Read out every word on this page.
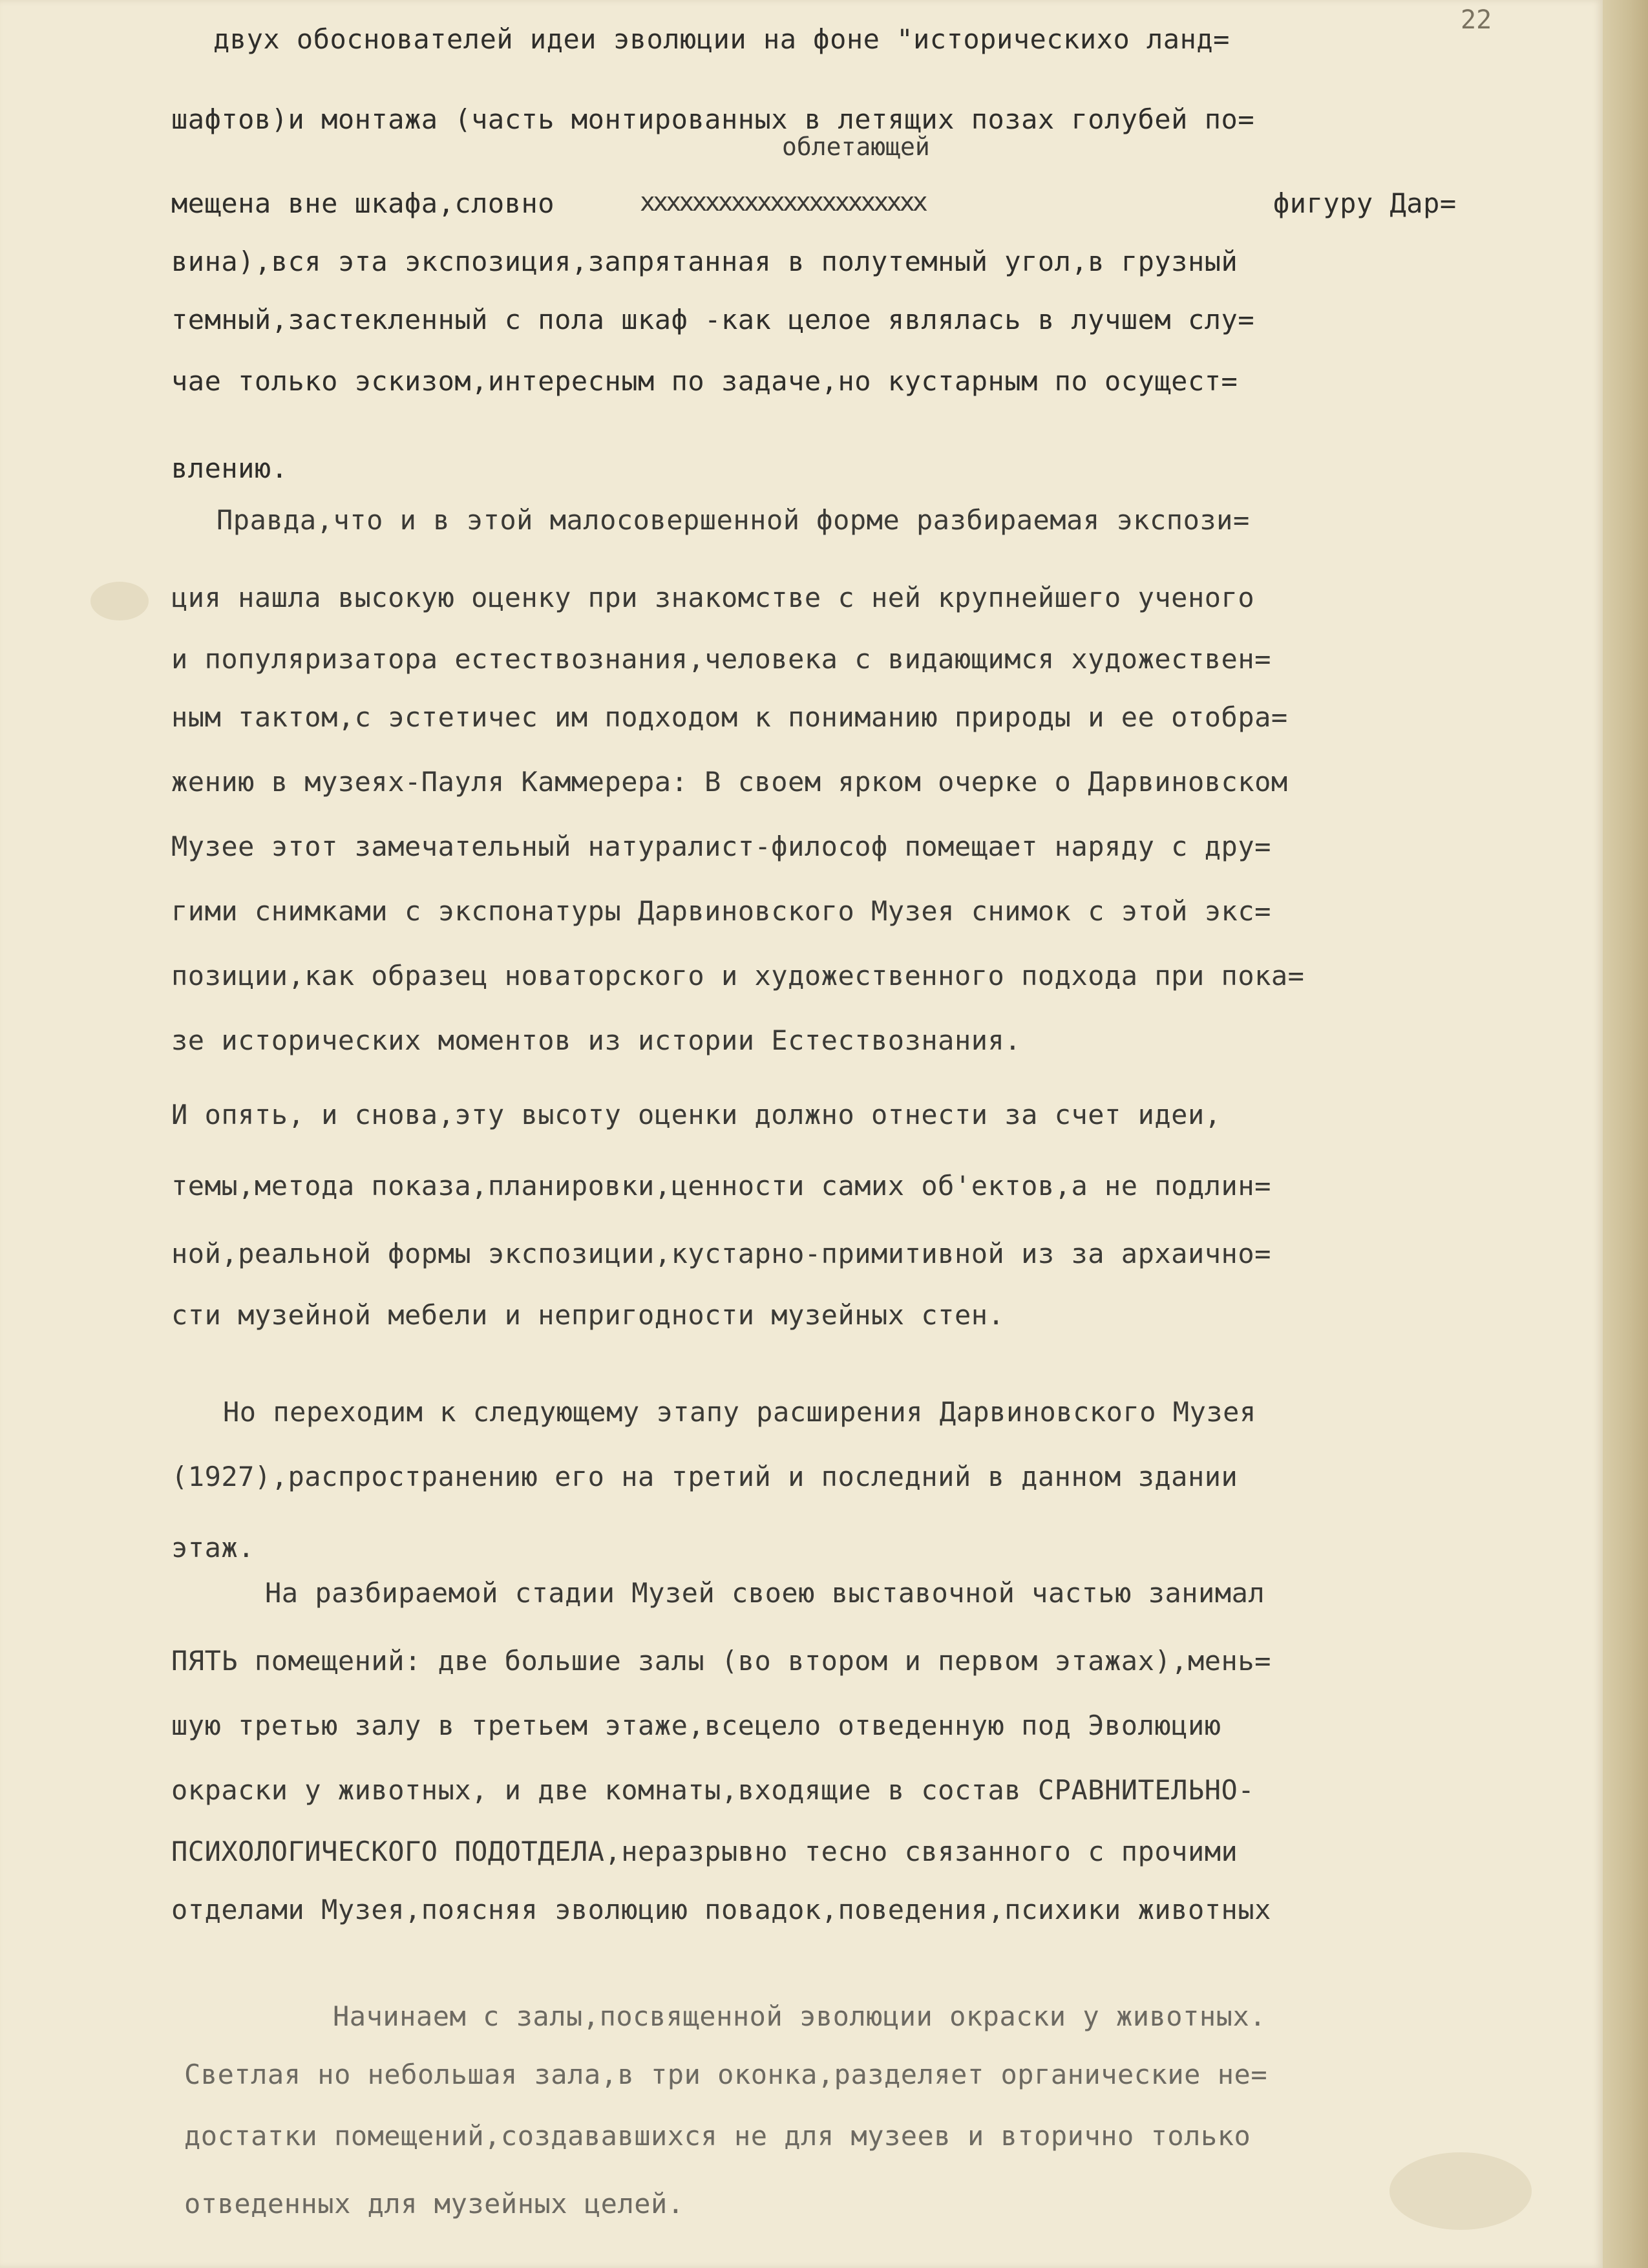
22
двух обоснователей идеи эволюции на фоне "историческихо ланд=
шафтов)и монтажа (часть монтированных в летящих позах голубей по=
облетающей
мещена вне шкафа,словно	хххххххххххххххххххххх	фигуру Дар=
вина),вся эта экспозиция,запрятанная в полутемный угол,в грузный
темный,застекленный с пола шкаф -как целое являлась в лучшем слу=
чае только эскизом,интересным по задаче,но кустарным по осущест=
влению.
Правда,что и в этой малосовершенной форме разбираемая экспози=
ция нашла высокую оценку при знакомстве с ней крупнейшего ученого
и популяризатора естествознания,человека с видающимся художествен=
ным тактом,с эстетичес им подходом к пониманию природы и ее отобра=
жению в музеях-Пауля Каммерера: В своем ярком очерке о Дарвиновском
Музее этот замечательный натуралист-философ помещает наряду с дру=
гими снимками с экспонатуры Дарвиновского Музея снимок с этой экс=
позиции,как образец новаторского и художественного подхода при пока=
зе исторических моментов из истории Естествознания.
И опять, и снова,эту высоту оценки должно отнести за счет идеи,
темы,метода показа,планировки,ценности самих об'ектов,а не подлин=
ной,реальной формы экспозиции,кустарно-примитивной из за архаично=
сти музейной мебели и непригодности музейных стен.
Но переходим к следующему этапу расширения Дарвиновского Музея
(1927),распространению его на третий и последний в данном здании
этаж.
На разбираемой стадии Музей своею выставочной частью занимал
ПЯТЬ помещений: две большие залы (во втором и первом этажах),мень=
шую третью залу в третьем этаже,всецело отведенную под Эволюцию
окраски у животных, и две комнаты,входящие в состав СРАВНИТЕЛЬНО-
ПСИХОЛОГИЧЕСКОГО ПОДОТДЕЛА,неразрывно тесно связанного с прочими
отделами Музея,поясняя эволюцию повадок,поведения,психики животных
Начинаем с залы,посвященной эволюции окраски у животных.
Светлая но небольшая зала,в три оконка,разделяет органические не=
достатки помещений,создававшихся не для музеев и вторично только
отведенных для музейных целей.
